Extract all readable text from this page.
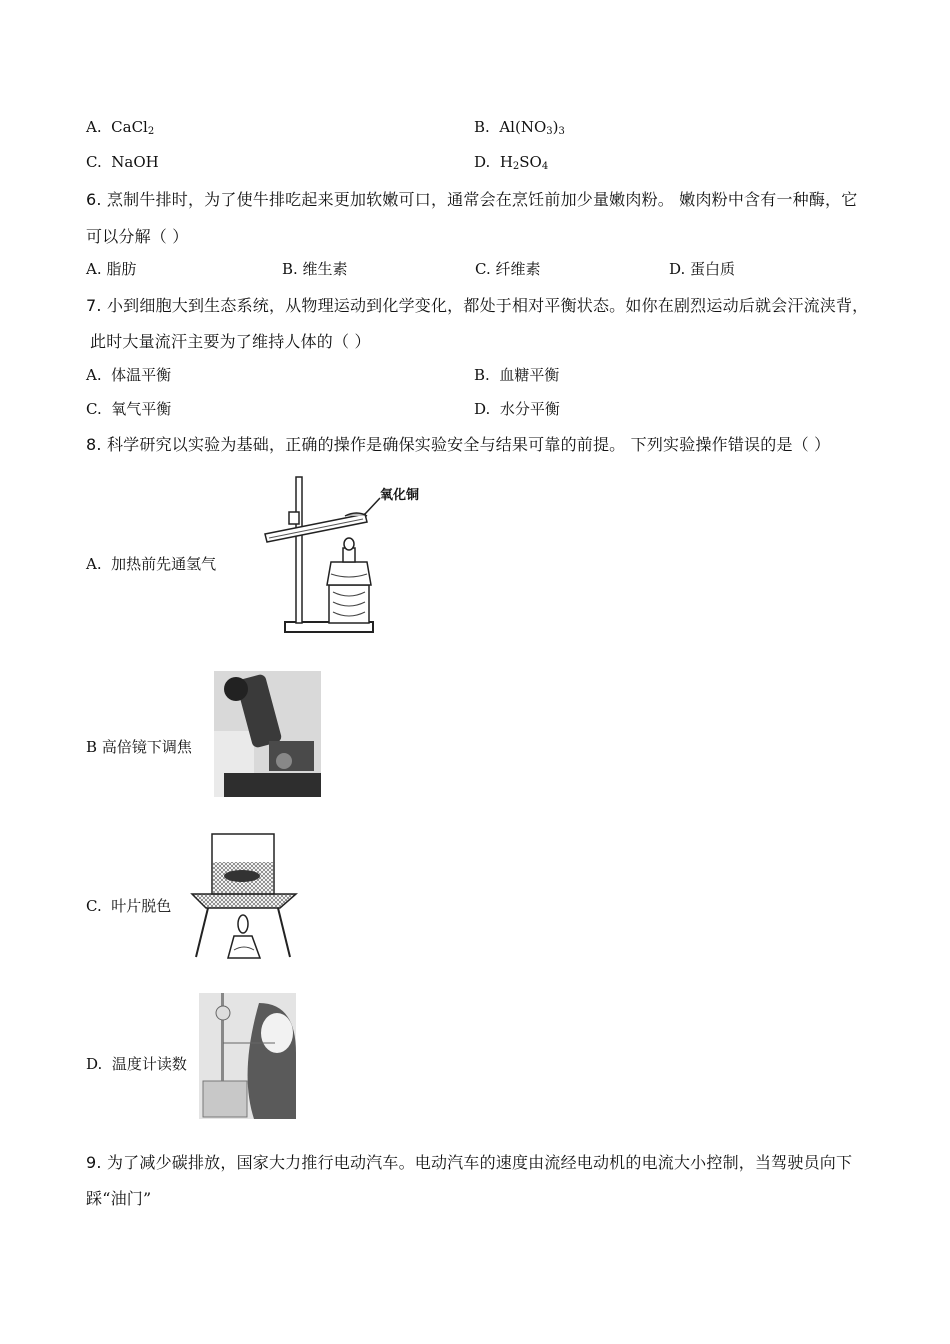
A. CaCl$_2$	B. $Al(NO_3)_3$
C. NaOH	D. $H_2SO_4$
6. 烹制牛排时，为了使牛排吃起来更加软嫩可口，通常会在烹饪前加少量嫩肉粉。 嫩肉粉中含有一种酶，它
可以分解（ ）
A. 脂肪	B. 维生素	C. 纤维素	D. 蛋白质
7. 小到细胞大到生态系统，从物理运动到化学变化，都处于相对平衡状态。如你在剧烈运动后就会汗流浃背，
此时大量流汗主要为了维持人体的（ ）
A. 体温平衡	B. 血糖平衡
C. 氧气平衡	D. 水分平衡
8. 科学研究以实验为基础，正确的操作是确保实验安全与结果可靠的前提。 下列实验操作错误的是（ ）
A. 加热前先通氢气
氧化铜
B 高倍镜下调焦
C. 叶片脱色
D. 温度计读数
9. 为了减少碳排放，国家大力推行电动汽车。电动汽车的速度由流经电动机的电流大小控制，当驾驶员向下
踩“油门”
